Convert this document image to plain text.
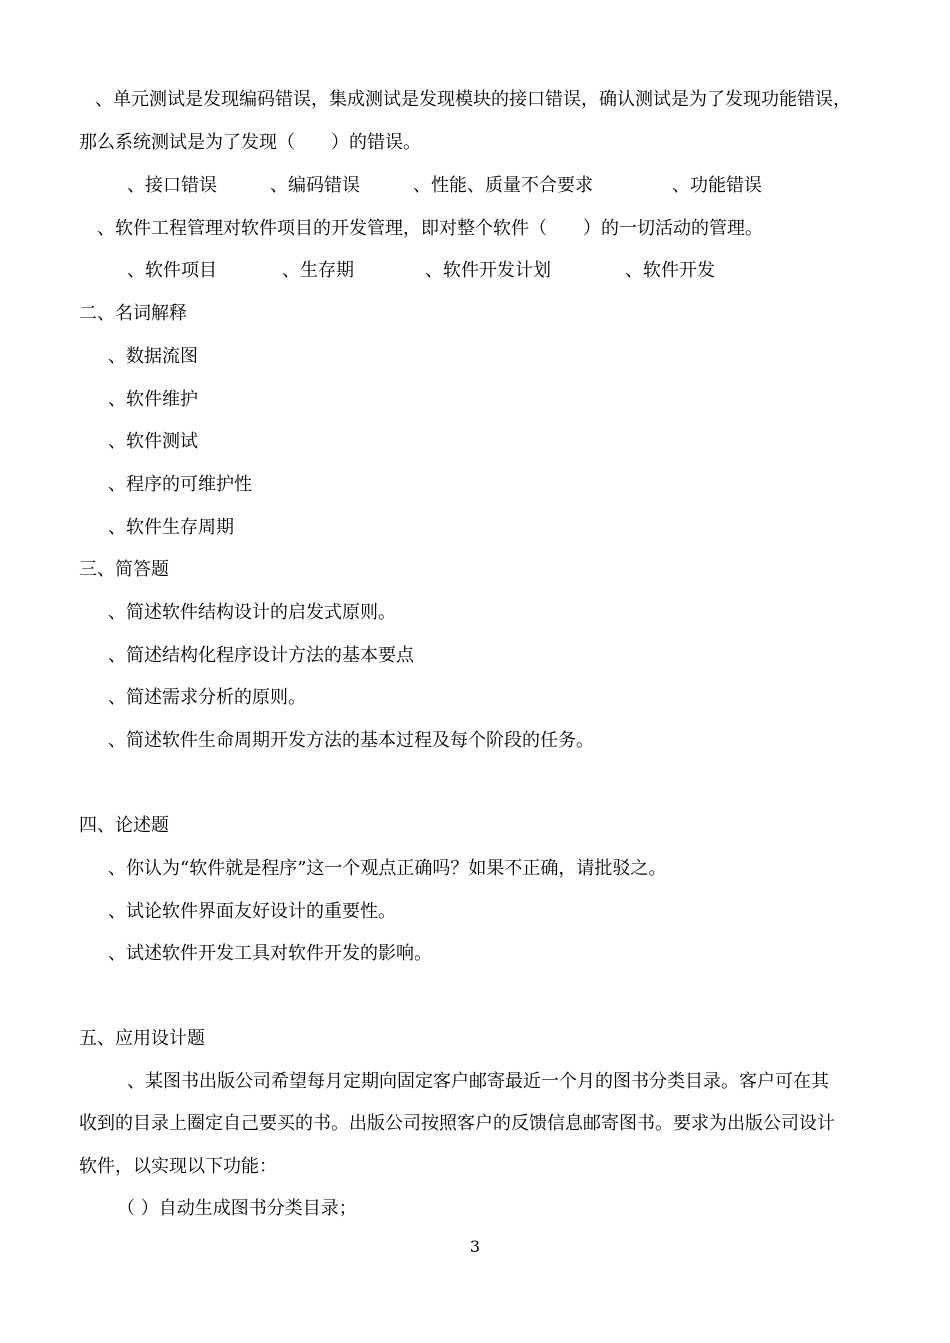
、单元测试是发现编码错误，集成测试是发现模块的接口错误，确认测试是为了发现功能错误，
那么系统测试是为了发现（　　）的错误。
、接口错误	、编码错误	、性能、质量不合要求	、功能错误
、软件工程管理对软件项目的开发管理，即对整个软件（　　）的一切活动的管理。
、软件项目	、生存期	、软件开发计划	、软件开发
二、名词解释
、数据流图
、软件维护
、软件测试
、程序的可维护性
、软件生存周期
三、简答题
、简述软件结构设计的启发式原则。
、简述结构化程序设计方法的基本要点
、简述需求分析的原则。
、简述软件生命周期开发方法的基本过程及每个阶段的任务。
四、论述题
、你认为“软件就是程序”这一个观点正确吗？如果不正确，请批驳之。
、试论软件界面友好设计的重要性。
、试述软件开发工具对软件开发的影响。
五、应用设计题
、某图书出版公司希望每月定期向固定客户邮寄最近一个月的图书分类目录。客户可在其
收到的目录上圈定自己要买的书。出版公司按照客户的反馈信息邮寄图书。要求为出版公司设计
软件，以实现以下功能：
（ ）自动生成图书分类目录；
3
